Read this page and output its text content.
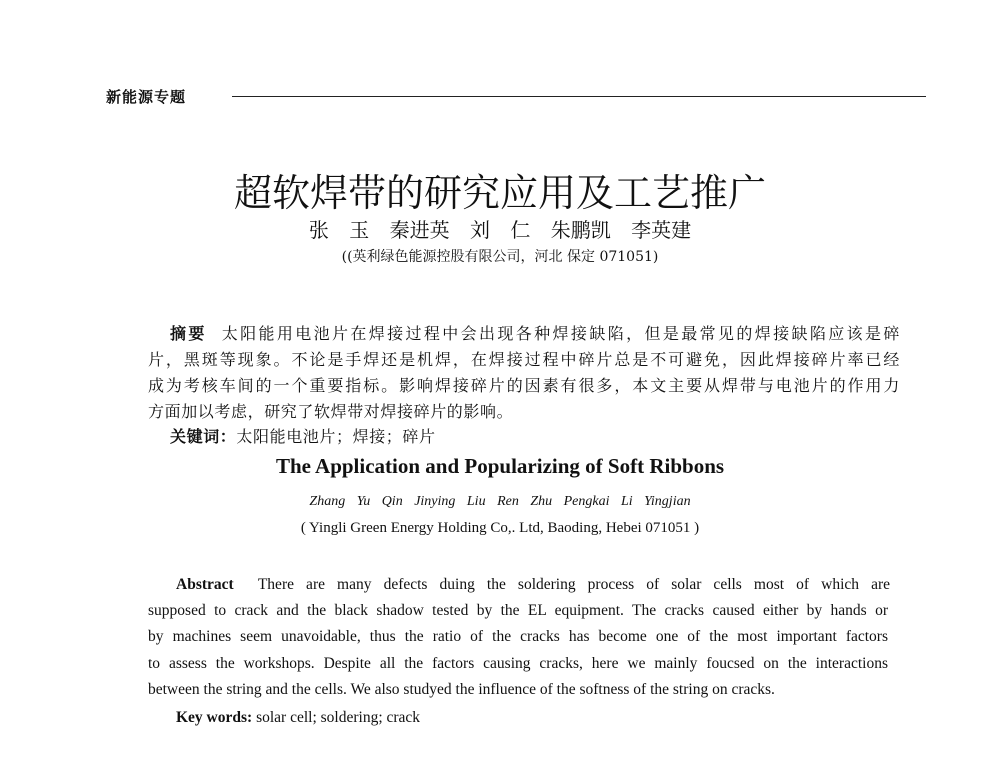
新能源专题
超软焊带的研究应用及工艺推广
张 玉 秦进英 刘 仁 朱鹏凯 李英建
((英利绿色能源控股有限公司，河北 保定 071051)
摘要 太阳能用电池片在焊接过程中会出现各种焊接缺陷，但是最常见的焊接缺陷应该是碎
片，黑斑等现象。不论是手焊还是机焊，在焊接过程中碎片总是不可避免，因此焊接碎片率已经
成为考核车间的一个重要指标。影响焊接碎片的因素有很多，本文主要从焊带与电池片的作用力
方面加以考虑，研究了软焊带对焊接碎片的影响。
关键词：太阳能电池片；焊接；碎片
The Application and Popularizing of Soft Ribbons
Zhang Yu Qin Jinying Liu Ren Zhu Pengkai Li Yingjian
( Yingli Green Energy Holding Co,. Ltd, Baoding, Hebei 071051 )
Abstract There are many defects duing the soldering process of solar cells most of which are
supposed to crack and the black shadow tested by the EL equipment. The cracks caused either by hands or
by machines seem unavoidable, thus the ratio of the cracks has become one of the most important factors
to assess the workshops. Despite all the factors causing cracks, here we mainly foucsed on the interactions
between the string and the cells. We also studyed the influence of the softness of the string on cracks.
Key words: solar cell; soldering; crack
